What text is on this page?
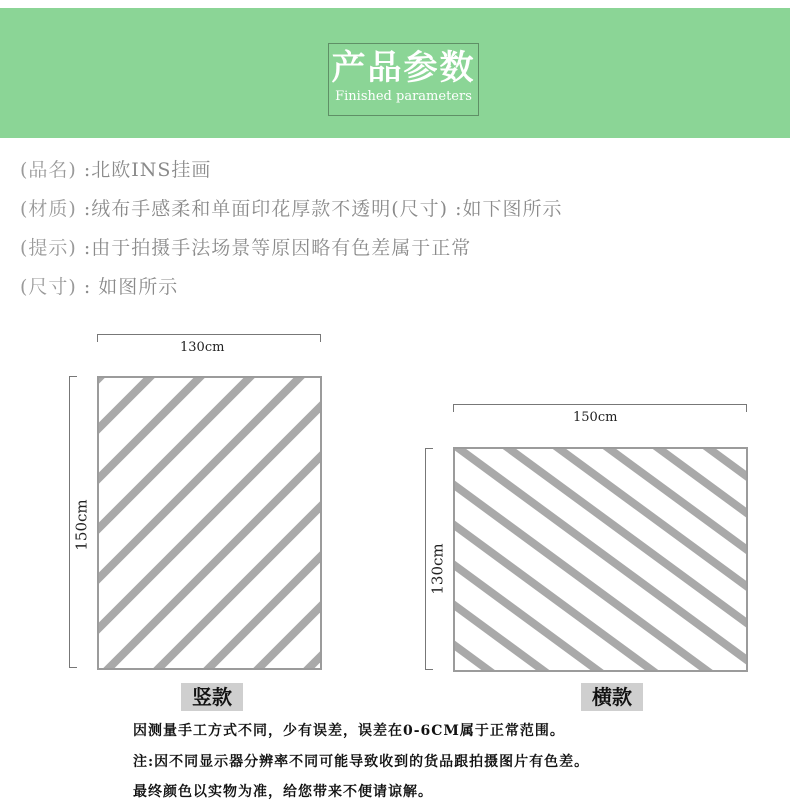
产品参数
Finished parameters
(品名) :北欧INS挂画
(材质) :绒布手感柔和单面印花厚款不透明(尺寸) :如下图所示
(提示) :由于拍摄手法场景等原因略有色差属于正常
(尺寸) : 如图所示
130cm
150cm
竖款
150cm
130cm
横款
因测量手工方式不同，少有误差，误差在0-6CM属于正常范围。
注:因不同显示器分辨率不同可能导致收到的货品跟拍摄图片有色差。
最终颜色以实物为准，给您带来不便请谅解。
